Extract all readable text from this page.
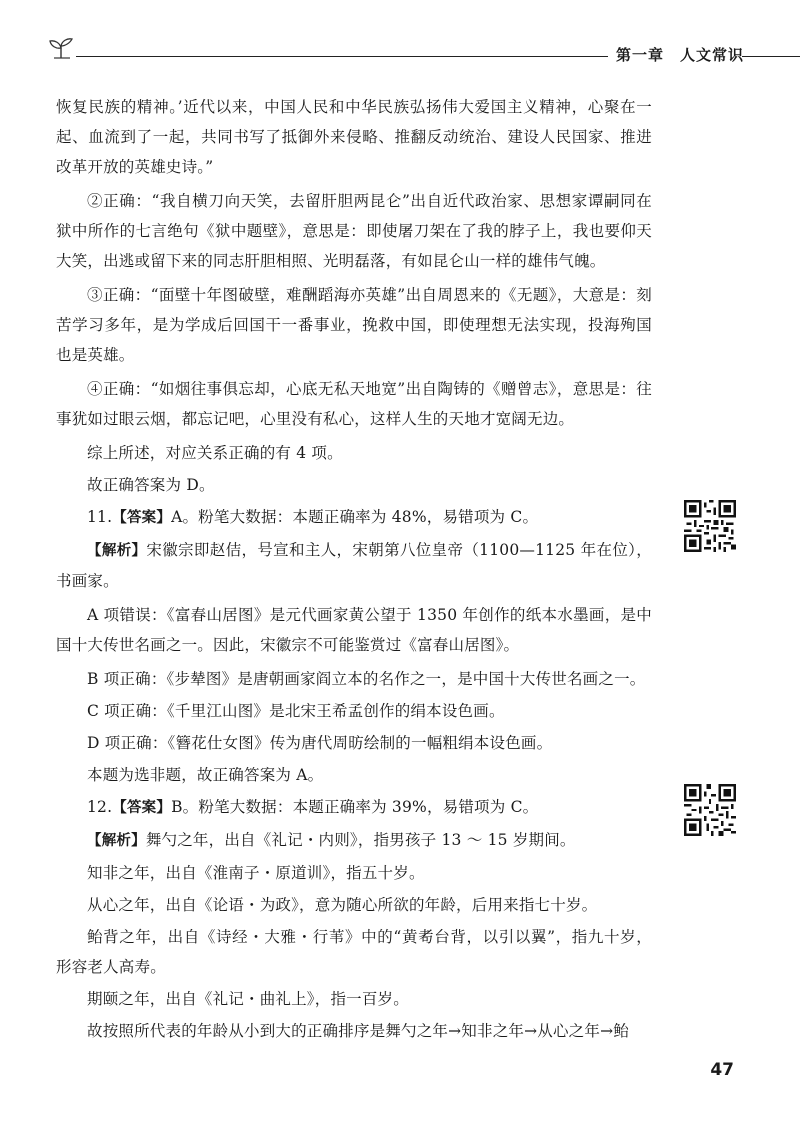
第一章　人文常识

恢复民族的精神。’近代以来，中国人民和中华民族弘扬伟大爱国主义精神，心聚在一起、血流到了一起，共同书写了抵御外来侵略、推翻反动统治、建设人民国家、推进改革开放的英雄史诗。”

②正确：“我自横刀向天笑，去留肝胆两昆仑”出自近代政治家、思想家谭嗣同在狱中所作的七言绝句《狱中题壁》，意思是：即使屠刀架在了我的脖子上，我也要仰天大笑，出逃或留下来的同志肝胆相照、光明磊落，有如昆仑山一样的雄伟气魄。

③正确：“面壁十年图破壁，难酬蹈海亦英雄”出自周恩来的《无题》，大意是：刻苦学习多年，是为学成后回国干一番事业，挽救中国，即使理想无法实现，投海殉国也是英雄。

④正确：“如烟往事俱忘却，心底无私天地宽”出自陶铸的《赠曾志》，意思是：往事犹如过眼云烟，都忘记吧，心里没有私心，这样人生的天地才宽阔无边。

综上所述，对应关系正确的有 4 项。

故正确答案为 D。

11.【答案】A。粉笔大数据：本题正确率为 48%，易错项为 C。

【解析】宋徽宗即赵佶，号宣和主人，宋朝第八位皇帝（1100—1125 年在位），书画家。

A 项错误：《富春山居图》是元代画家黄公望于 1350 年创作的纸本水墨画，是中国十大传世名画之一。因此，宋徽宗不可能鉴赏过《富春山居图》。

B 项正确：《步辇图》是唐朝画家阎立本的名作之一，是中国十大传世名画之一。

C 项正确：《千里江山图》是北宋王希孟创作的绢本设色画。

D 项正确：《簪花仕女图》传为唐代周昉绘制的一幅粗绢本设色画。

本题为选非题，故正确答案为 A。

12.【答案】B。粉笔大数据：本题正确率为 39%，易错项为 C。

【解析】舞勺之年，出自《礼记・内则》，指男孩子 13 ～ 15 岁期间。

知非之年，出自《淮南子・原道训》，指五十岁。

从心之年，出自《论语・为政》，意为随心所欲的年龄，后用来指七十岁。

鲐背之年，出自《诗经・大雅・行苇》中的“黄耇台背，以引以翼”，指九十岁，形容老人高寿。

期颐之年，出自《礼记・曲礼上》，指一百岁。

故按照所代表的年龄从小到大的正确排序是舞勺之年→知非之年→从心之年→鲐

47
